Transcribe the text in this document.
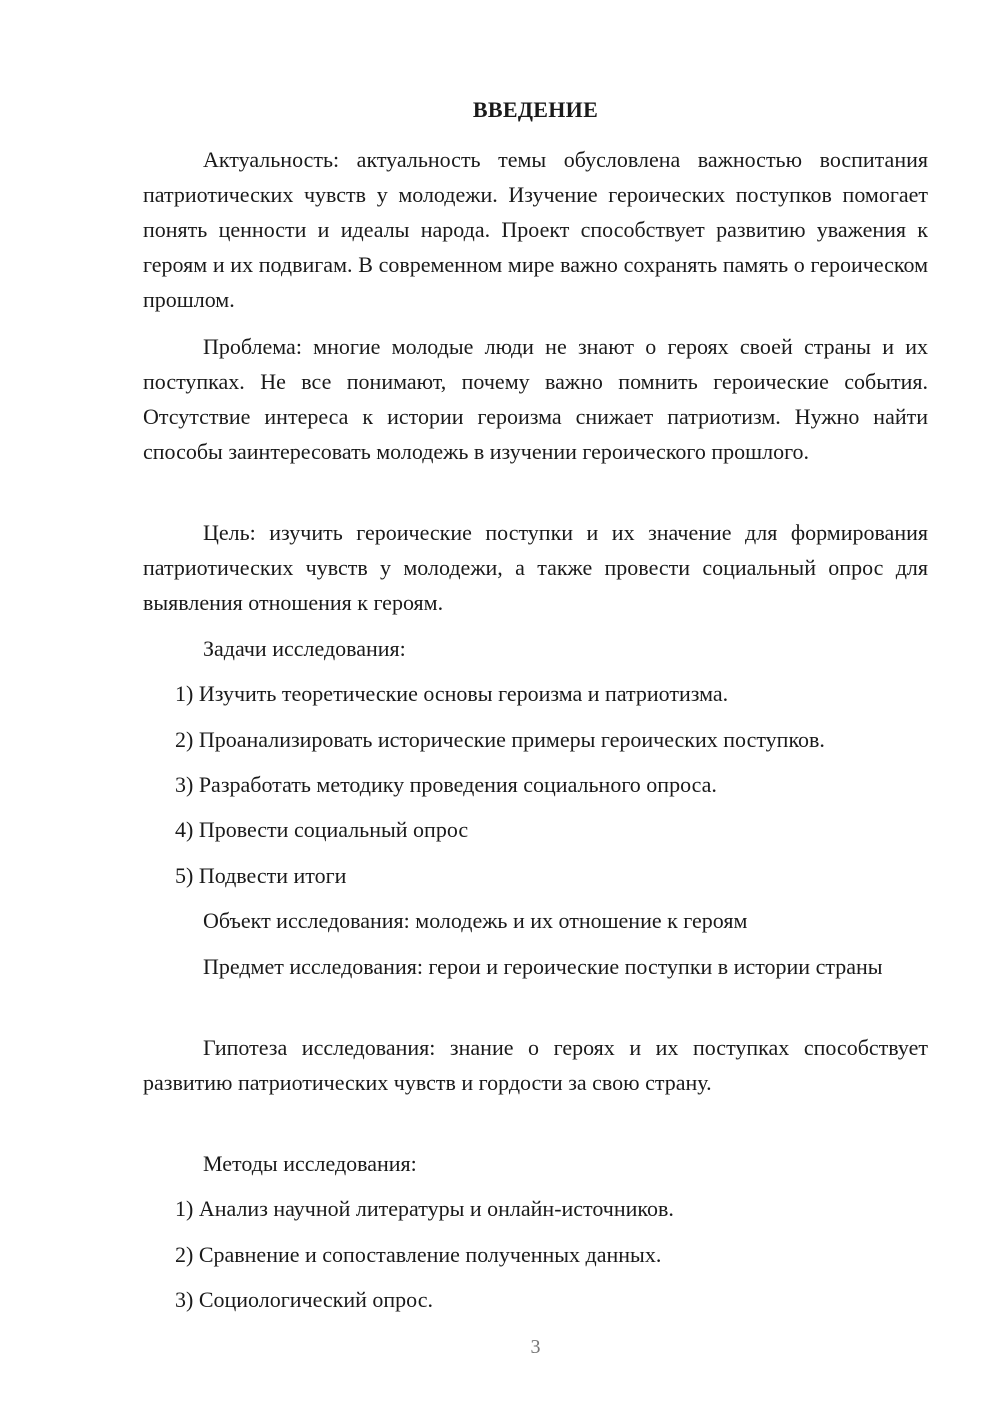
ВВЕДЕНИЕ

Актуальность: актуальность темы обусловлена важностью воспитания патриотических чувств у молодежи. Изучение героических поступков помогает понять ценности и идеалы народа. Проект способствует развитию уважения к героям и их подвигам. В современном мире важно сохранять память о героическом прошлом.

Проблема: многие молодые люди не знают о героях своей страны и их поступках. Не все понимают, почему важно помнить героические события. Отсутствие интереса к истории героизма снижает патриотизм. Нужно найти способы заинтересовать молодежь в изучении героического прошлого.

Цель: изучить героические поступки и их значение для формирования патриотических чувств у молодежи, а также провести социальный опрос для выявления отношения к героям.

Задачи исследования:
1) Изучить теоретические основы героизма и патриотизма.
2) Проанализировать исторические примеры героических поступков.
3) Разработать методику проведения социального опроса.
4) Провести социальный опрос
5) Подвести итоги
Объект исследования: молодежь и их отношение к героям

Предмет исследования: герои и героические поступки в истории страны

Гипотеза исследования: знание о героях и их поступках способствует развитию патриотических чувств и гордости за свою страну.

Методы исследования:
1) Анализ научной литературы и онлайн-источников.
2) Сравнение и сопоставление полученных данных.
3) Социологический опрос.
3
